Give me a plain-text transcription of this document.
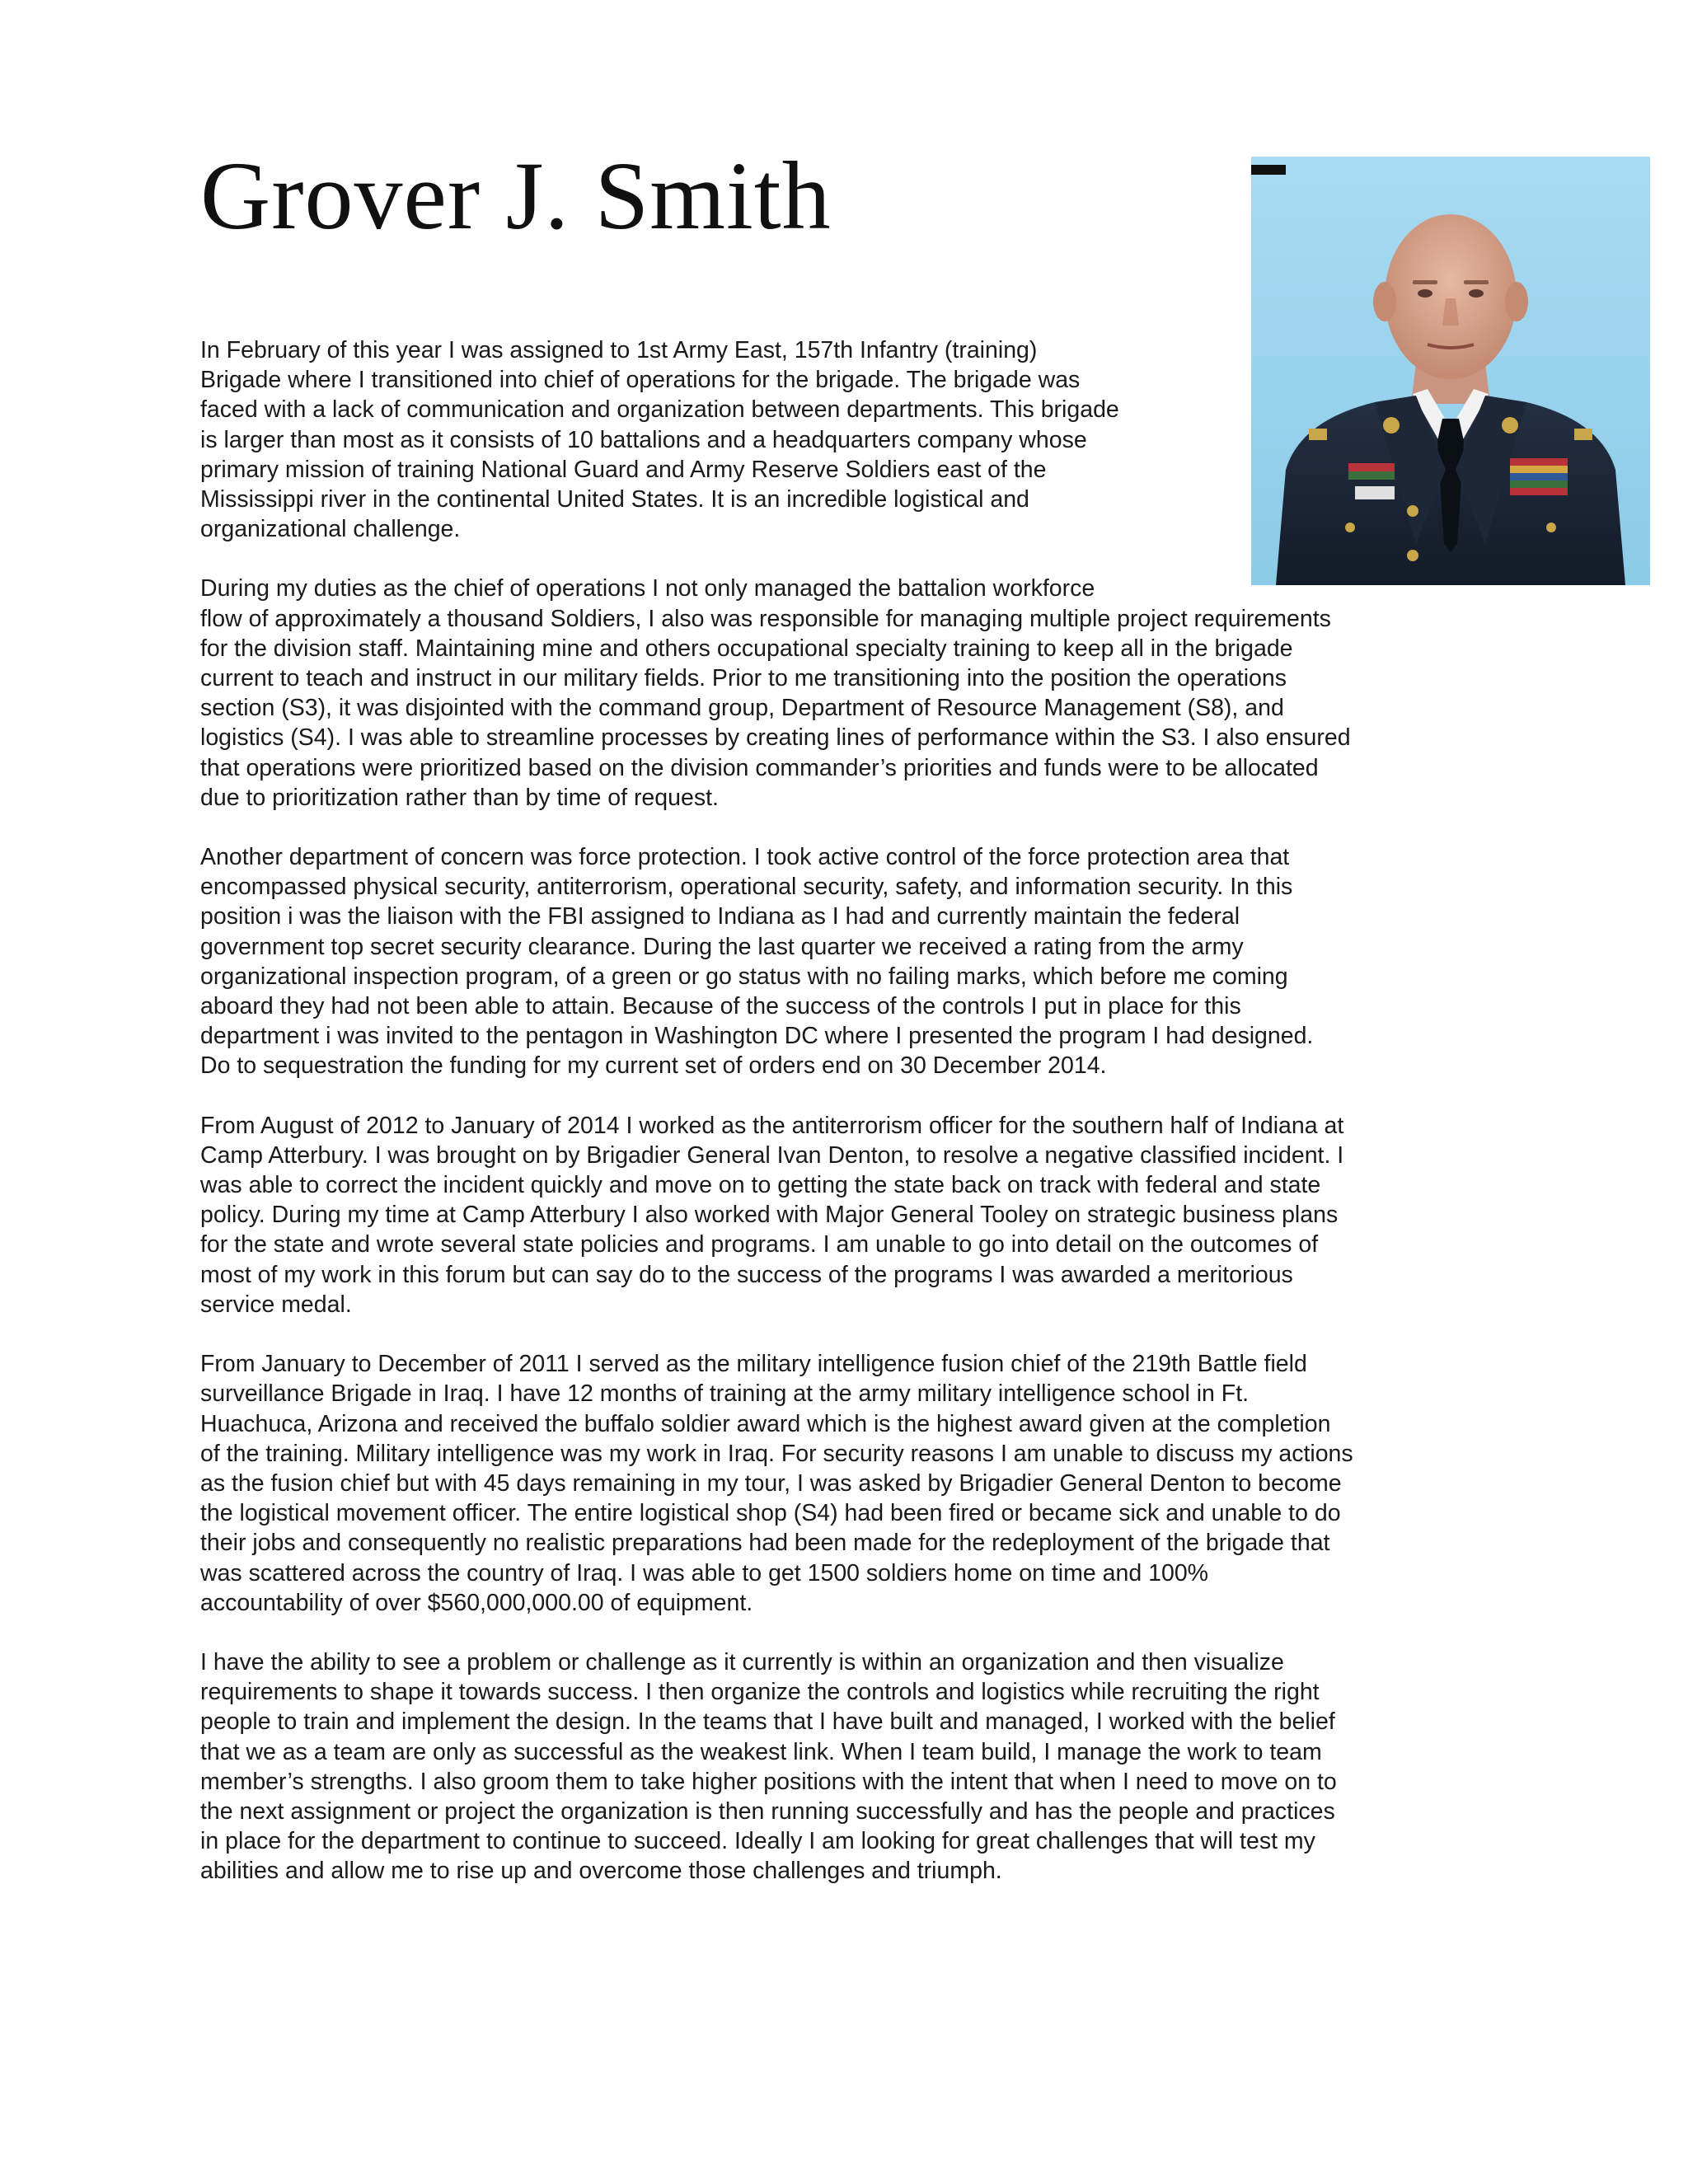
Grover J. Smith

In February of this year I was assigned to 1st Army East, 157th Infantry (training)
Brigade where I transitioned into chief of operations for the brigade. The brigade was
faced with a lack of communication and organization between departments. This brigade
is larger than most as it consists of 10 battalions and a headquarters company whose
primary mission of training National Guard and Army Reserve Soldiers east of the
Mississippi river in the continental United States. It is an incredible logistical and
organizational challenge.

During my duties as the chief of operations I not only managed the battalion workforce
flow of approximately a thousand Soldiers, I also was responsible for managing multiple project requirements
for the division staff. Maintaining mine and others occupational specialty training to keep all in the brigade
current to teach and instruct in our military fields. Prior to me transitioning into the position the operations
section (S3), it was disjointed with the command group, Department of Resource Management (S8), and
logistics (S4). I was able to streamline processes by creating lines of performance within the S3. I also ensured
that operations were prioritized based on the division commander’s priorities and funds were to be allocated
due to prioritization rather than by time of request.

Another department of concern was force protection. I took active control of the force protection area that
encompassed physical security, antiterrorism, operational security, safety, and information security. In this
position i was the liaison with the FBI assigned to Indiana as I had and currently maintain the federal
government top secret security clearance. During the last quarter we received a rating from the army
organizational inspection program, of a green or go status with no failing marks, which before me coming
aboard they had not been able to attain. Because of the success of the controls I put in place for this
department i was invited to the pentagon in Washington DC where I presented the program I had designed.
Do to sequestration the funding for my current set of orders end on 30 December 2014.

From August of 2012 to January of 2014 I worked as the antiterrorism officer for the southern half of Indiana at
Camp Atterbury. I was brought on by Brigadier General Ivan Denton, to resolve a negative classified incident. I
was able to correct the incident quickly and move on to getting the state back on track with federal and state
policy. During my time at Camp Atterbury I also worked with Major General Tooley on strategic business plans
for the state and wrote several state policies and programs. I am unable to go into detail on the outcomes of
most of my work in this forum but can say do to the success of the programs I was awarded a meritorious
service medal.

From January to December of 2011 I served as the military intelligence fusion chief of the 219th Battle field
surveillance Brigade in Iraq. I have 12 months of training at the army military intelligence school in Ft.
Huachuca, Arizona and received the buffalo soldier award which is the highest award given at the completion
of the training. Military intelligence was my work in Iraq. For security reasons I am unable to discuss my actions
as the fusion chief but with 45 days remaining in my tour, I was asked by Brigadier General Denton to become
the logistical movement officer. The entire logistical shop (S4) had been fired or became sick and unable to do
their jobs and consequently no realistic preparations had been made for the redeployment of the brigade that
was scattered across the country of Iraq. I was able to get 1500 soldiers home on time and 100%
accountability of over $560,000,000.00 of equipment.

I have the ability to see a problem or challenge as it currently is within an organization and then visualize
requirements to shape it towards success. I then organize the controls and logistics while recruiting the right
people to train and implement the design. In the teams that I have built and managed, I worked with the belief
that we as a team are only as successful as the weakest link. When I team build, I manage the work to team
member’s strengths. I also groom them to take higher positions with the intent that when I need to move on to
the next assignment or project the organization is then running successfully and has the people and practices
in place for the department to continue to succeed. Ideally I am looking for great challenges that will test my
abilities and allow me to rise up and overcome those challenges and triumph.
